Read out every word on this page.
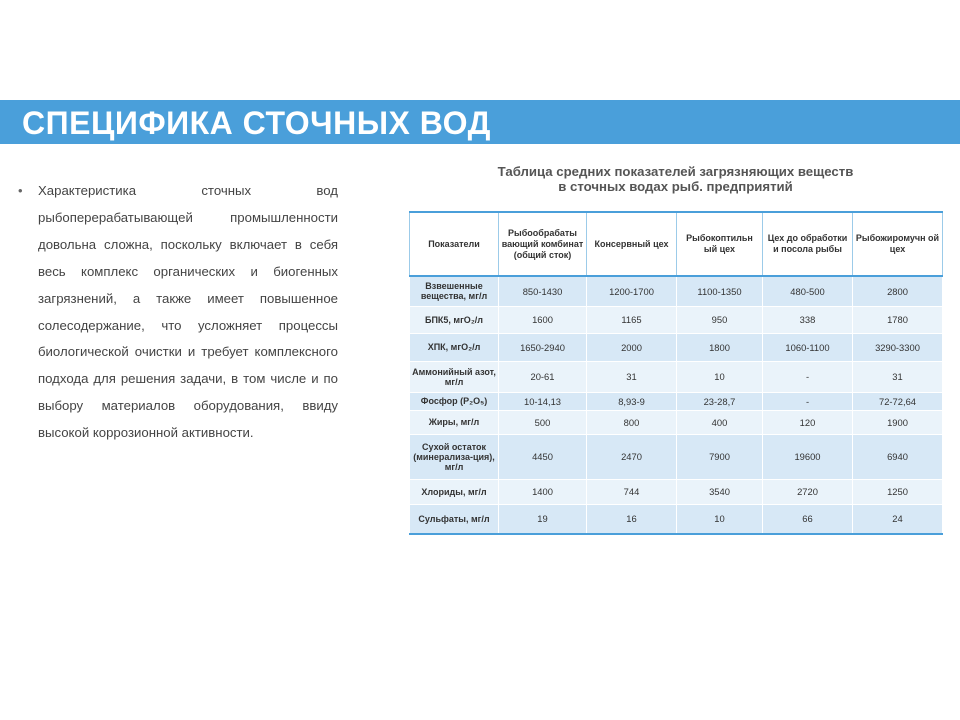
СПЕЦИФИКА СТОЧНЫХ ВОД
• Характеристика сточных вод рыбоперерабатывающей промышленности довольна сложна, поскольку включает в себя весь комплекс органических и биогенных загрязнений, а также имеет повышенное солесодержание, что усложняет процессы биологической очистки и требует комплексного подхода для решения задачи, в том числе и по выбору материалов оборудования, ввиду высокой коррозионной активности.
Таблица средних показателей загрязняющих веществ
в сточных водах рыб. предприятий
Показатели	Рыбообрабаты вающий комбинат (общий сток)	Консервный цех	Рыбокоптильн ый цех	Цех до обработки и посола рыбы	Рыбожиромучн ой цех
Взвешенные вещества, мг/л	850-1430	1200-1700	1100-1350	480-500	2800
БПК5, мгO₂/л	1600	1165	950	338	1780
ХПК, мгO₂/л	1650-2940	2000	1800	1060-1100	3290-3300
Аммонийный азот, мг/л	20-61	31	10	-	31
Фосфор (P₂O₅)	10-14,13	8,93-9	23-28,7	-	72-72,64
Жиры, мг/л	500	800	400	120	1900
Сухой остаток (минерализа-ция), мг/л	4450	2470	7900	19600	6940
Хлориды, мг/л	1400	744	3540	2720	1250
Сульфаты, мг/л	19	16	10	66	24
